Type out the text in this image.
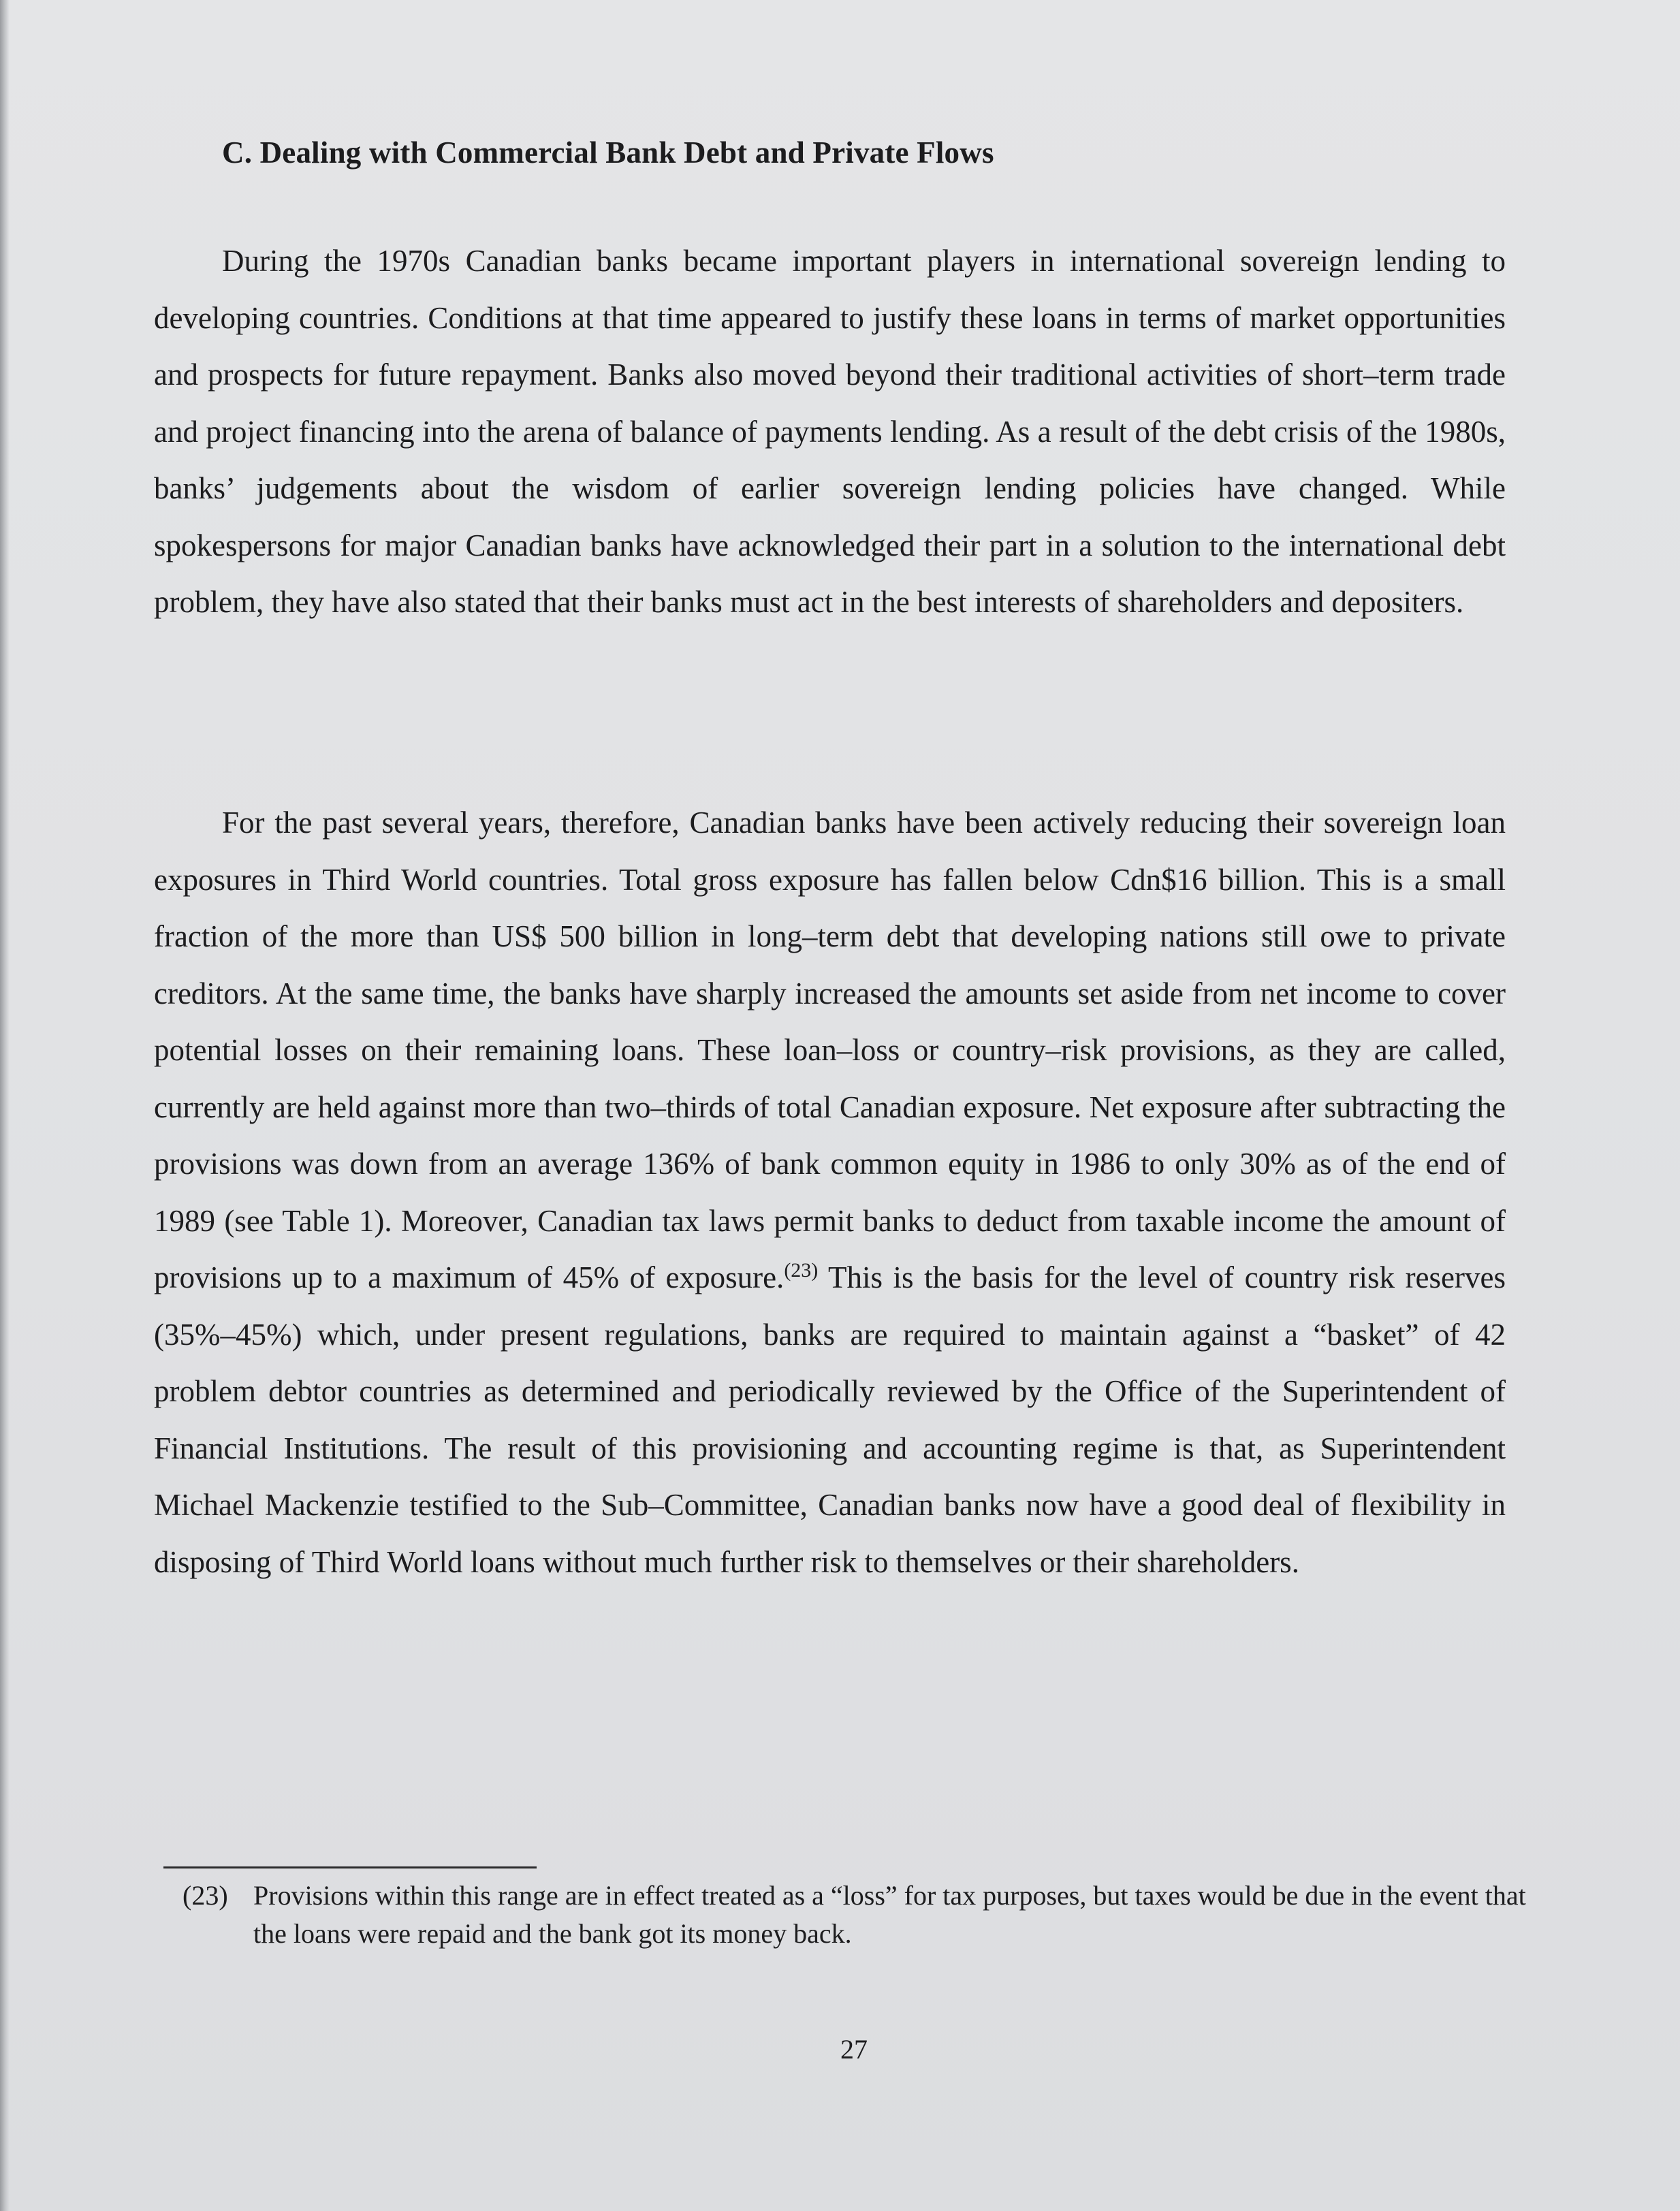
C. Dealing with Commercial Bank Debt and Private Flows

During the 1970s Canadian banks became important players in international sovereign lending to developing countries. Conditions at that time appeared to justify these loans in terms of market opportunities and prospects for future repayment. Banks also moved beyond their traditional activities of short–term trade and project financing into the arena of balance of payments lending. As a result of the debt crisis of the 1980s, banks’ judgements about the wisdom of earlier sovereign lending policies have changed. While spokespersons for major Canadian banks have acknowledged their part in a solution to the international debt problem, they have also stated that their banks must act in the best interests of shareholders and depositers.

For the past several years, therefore, Canadian banks have been actively reducing their sovereign loan exposures in Third World countries. Total gross exposure has fallen below Cdn$16 billion. This is a small fraction of the more than US$ 500 billion in long–term debt that developing nations still owe to private creditors. At the same time, the banks have sharply increased the amounts set aside from net income to cover potential losses on their remaining loans. These loan–loss or country–risk provisions, as they are called, currently are held against more than two–thirds of total Canadian exposure. Net exposure after subtracting the provisions was down from an average 136% of bank common equity in 1986 to only 30% as of the end of 1989 (see Table 1). Moreover, Canadian tax laws permit banks to deduct from taxable income the amount of provisions up to a maximum of 45% of exposure.$^{(23)}$ This is the basis for the level of country risk reserves (35%–45%) which, under present regulations, banks are required to maintain against a “basket” of 42 problem debtor countries as determined and periodically reviewed by the Office of the Superintendent of Financial Institutions. The result of this provisioning and accounting regime is that, as Superintendent Michael Mackenzie testified to the Sub–Committee, Canadian banks now have a good deal of flexibility in disposing of Third World loans without much further risk to themselves or their shareholders.

(23) Provisions within this range are in effect treated as a “loss” for tax purposes, but taxes would be due in the event that the loans were repaid and the bank got its money back.
27
